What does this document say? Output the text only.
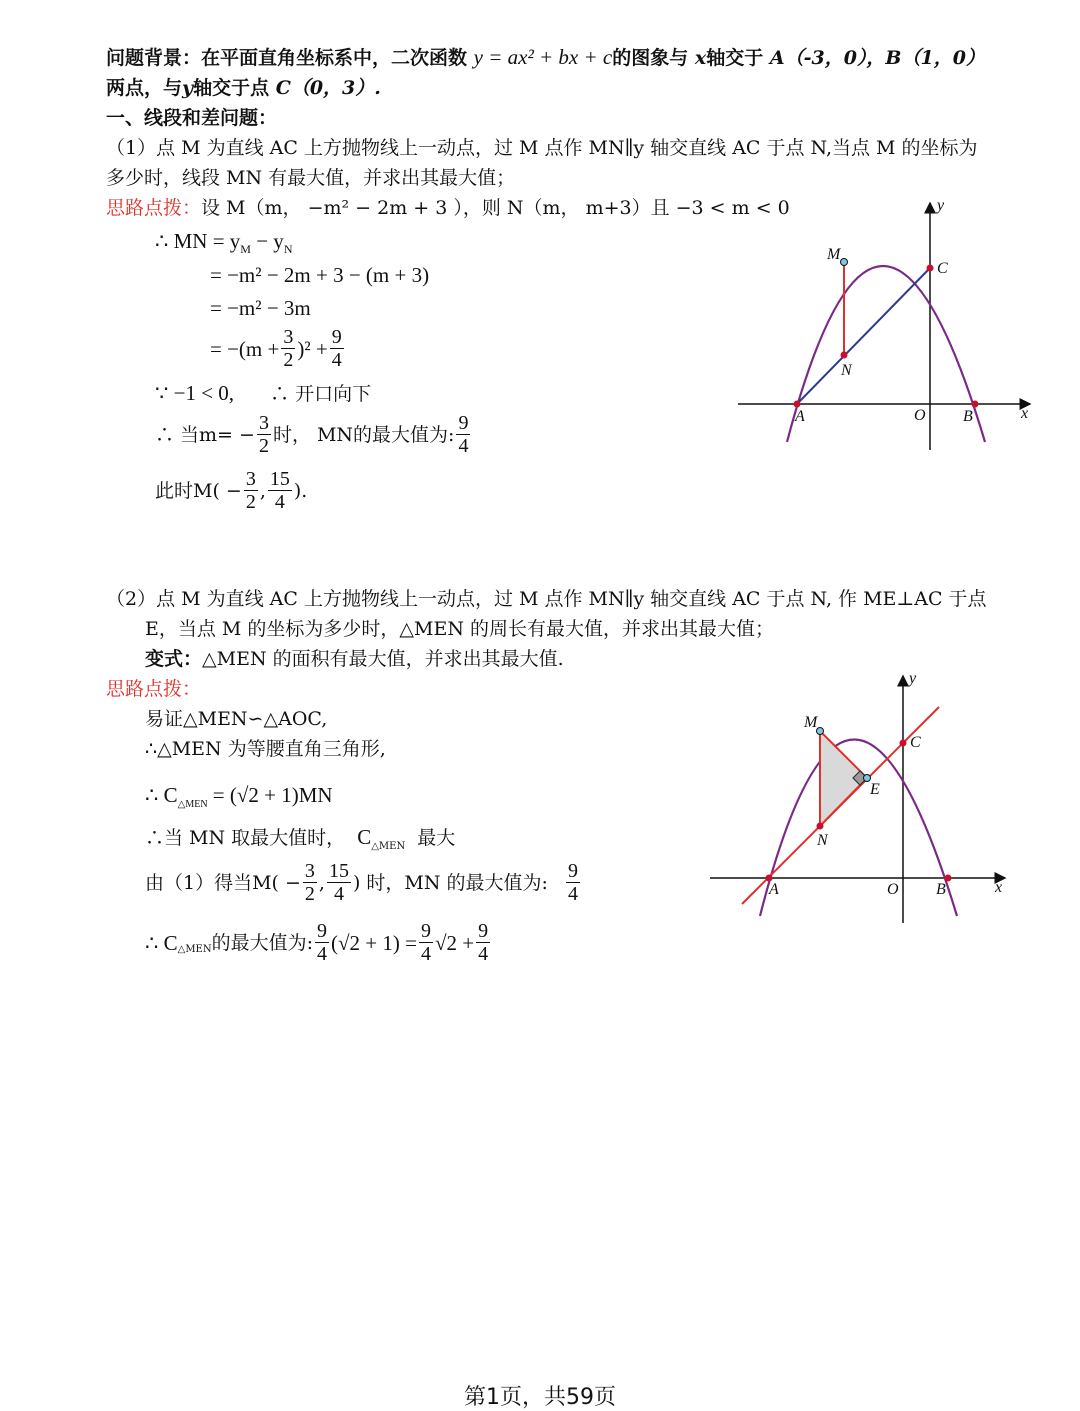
问题背景：在平面直角坐标系中，二次函数 y = ax² + bx + c的图象与 x轴交于 A（-3，0），B（1，0）
两点，与y轴交于点 C（0，3）.
一、线段和差问题：
（1）点 M 为直线 AC 上方抛物线上一动点，过 M 点作 MN∥y 轴交直线 AC 于点 N,当点 M 的坐标为
多少时，线段 MN 有最大值，并求出其最大值；
思路点拨：设 M（m， −m² − 2m + 3 ），则 N（m， m+3）且 −3 < m < 0
∴ MN = $y_M - y_N$
= −m² − 2m + 3 − (m + 3)
= −m² − 3m
= $-(m + \frac{3}{2} )^2 + \frac{9}{4}$
∵ −1 < 0, ∴ 开口向下
∴ 当$m= - \frac{3}{2}$ 时， MN的最大值为: $\frac{9}{4}$
此时$M( - \frac{3}{2}$ , $\frac{15}{4}$ ).
M
N
A
C
O B	x
y
（2）点 M 为直线 AC 上方抛物线上一动点，过 M 点作 MN∥y 轴交直线 AC 于点 N, 作 ME⊥AC 于点
E，当点 M 的坐标为多少时，△MEN 的周长有最大值，并求出其最大值；
变式：△MEN 的面积有最大值，并求出其最大值.
思路点拨：
易证△MEN∽△AOC,
∴△MEN 为等腰直角三角形,
∴ $C_{\triangle MEN} = (√2 + 1)MN$
∴当 MN 取最大值时， $C_{\triangle MEN}$ 最大
由（1）得当$M( - \frac{3}{2}$ , $\frac{15}{4}$ ) 时，MN 的最大值为: $\frac{9}{4}$
∴ $C_{\triangle MEN}$ 的最大值为: $\frac{9}{4} (√2 + 1) = \frac{9}{4} √2 + \frac{9}{4}$
M
N
E
A
C
O B	x
y
第1页，共59页
